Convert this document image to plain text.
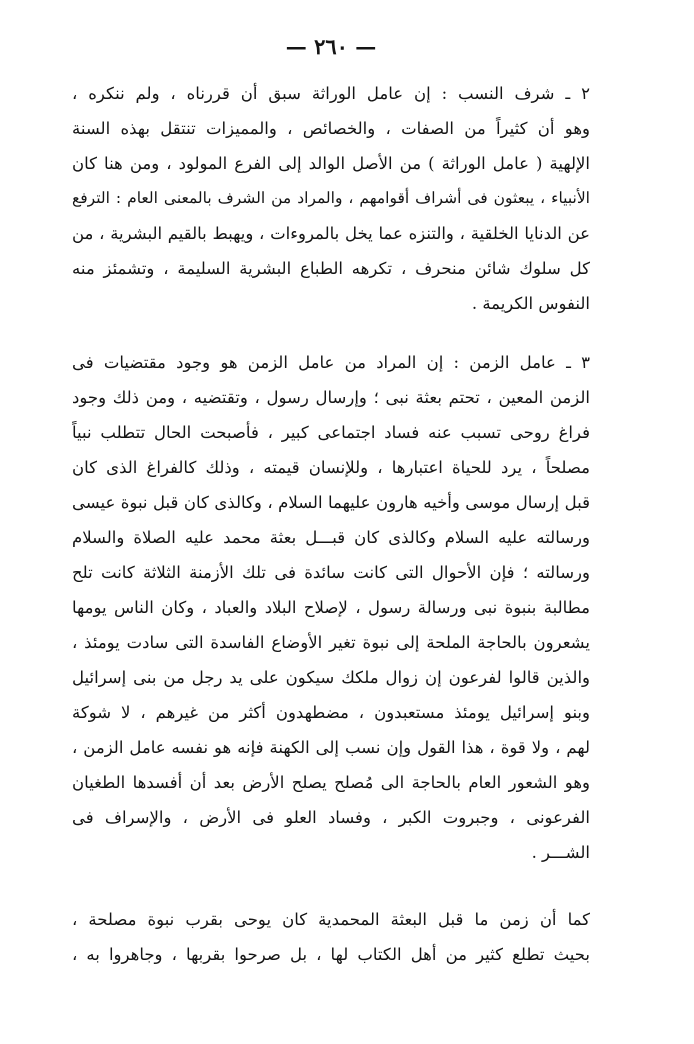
— ٢٦٠ —
٢ ـ شرف النسب : إن عامل الوراثة سبق أن قررناه ، ولم ننكره ،
وهو أن كثيراً من الصفات ، والخصائص ، والمميزات تنتقل بهذه السنة
الإلهية ( عامل الوراثة ) من الأصل الوالد إلى الفرع المولود ، ومن هنا كان
الأنبياء ، يبعثون فى أشراف أقوامهم ، والمراد من الشرف بالمعنى العام : الترفع
عن الدنايا الخلقية ، والتنزه عما يخل بالمروءات ، ويهبط بالقيم البشرية ، من
كل سلوك شائن منحرف ، تكرهه الطباع البشرية السليمة ، وتشمئز منه
النفوس الكريمة .
٣ ـ عامل الزمن : إن المراد من عامل الزمن هو وجود مقتضيات فى
الزمن المعين ، تحتم بعثة نبى ؛ وإرسال رسول ، وتقتضيه ، ومن ذلك وجود
فراغ روحى تسبب عنه فساد اجتماعى كبير ، فأصبحت الحال تتطلب نبياً
مصلحاً ، يرد للحياة اعتبارها ، وللإنسان قيمته ، وذلك كالفراغ الذى كان
قبل إرسال موسى وأخيه هارون عليهما السلام ، وكالذى كان قبل نبوة عيسى
ورسالته عليه السلام وكالذى كان قبـــل بعثة محمد عليه الصلاة والسلام
ورسالته ؛ فإن الأحوال التى كانت سائدة فى تلك الأزمنة الثلاثة كانت تلح
مطالبة بنبوة نبى ورسالة رسول ، لإصلاح البلاد والعباد ، وكان الناس يومها
يشعرون بالحاجة الملحة إلى نبوة تغير الأوضاع الفاسدة التى سادت يومئذ ،
والذين قالوا لفرعون إن زوال ملكك سيكون على يد رجل من بنى إسرائيل
وبنو إسرائيل يومئذ مستعبدون ، مضطهدون أكثر من غيرهم ، لا شوكة
لهم ، ولا قوة ، هذا القول وإن نسب إلى الكهنة فإنه هو نفسه عامل الزمن ،
وهو الشعور العام بالحاجة الى مُصلح يصلح الأرض بعد أن أفسدها الطغيان
الفرعونى ، وجبروت الكبر ، وفساد العلو فى الأرض ، والإسراف فى
الشـــر .
كما أن زمن ما قبل البعثة المحمدية كان يوحى بقرب نبوة مصلحة ،
بحيث تطلع كثير من أهل الكتاب لها ، بل صرحوا بقربها ، وجاهروا به ،
